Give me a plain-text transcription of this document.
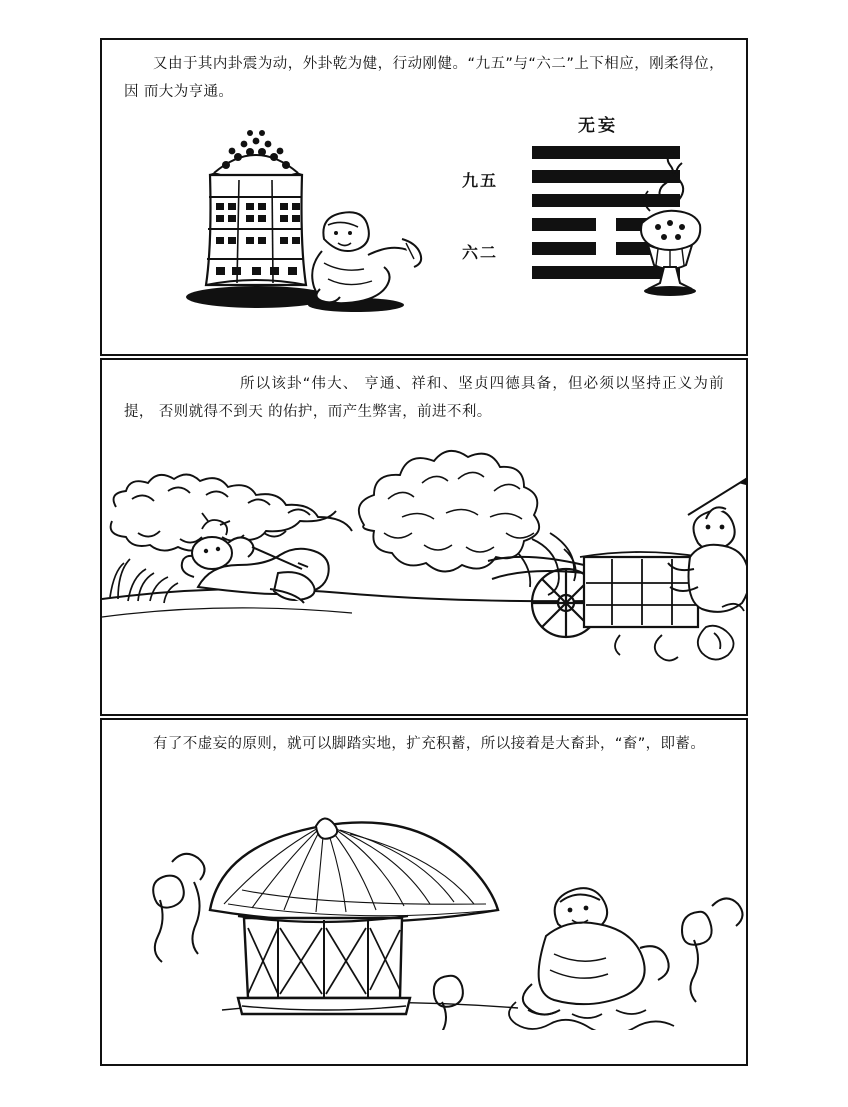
又由于其内卦震为动，外卦乾为健，行动刚健。“九五”与“六二”上下相应，刚柔得位，因 而大为亨通。
无妄
九五
六二
所以该卦“伟大、 亨通、祥和、坚贞四德具备，但必须以坚持正义为前提， 否则就得不到天 的佑护，而产生弊害，前进不利。
有了不虚妄的原则，就可以脚踏实地，扩充积蓄，所以接着是大畜卦，“畜”，即蓄。
